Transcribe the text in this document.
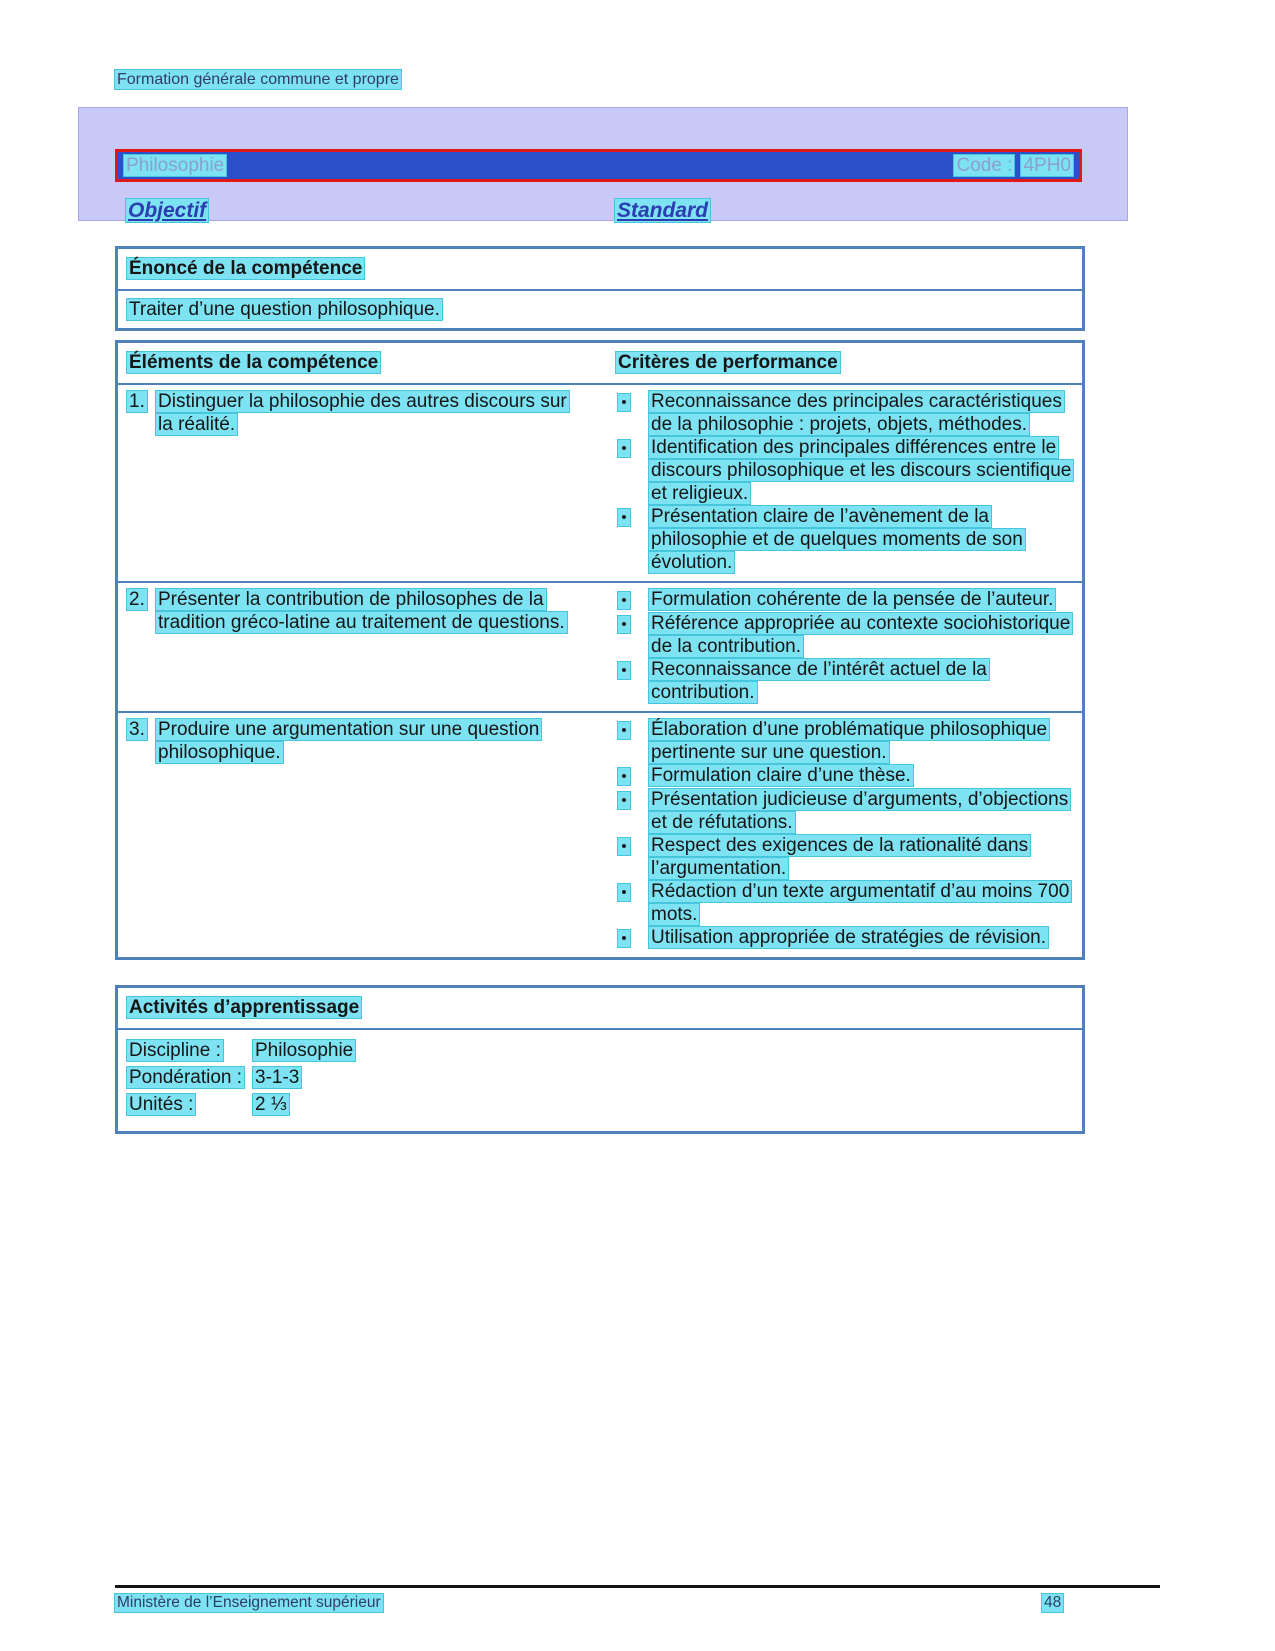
Formation générale commune et propre
Philosophie	Code : 4PH0
Objectif	Standard
Énoncé de la compétence
Traiter d’une question philosophique.
Éléments de la compétence	Critères de performance
1. Distinguer la philosophie des autres discours sur la réalité.
• Reconnaissance des principales caractéristiques de la philosophie : projets, objets, méthodes.
• Identification des principales différences entre le discours philosophique et les discours scientifique et religieux.
• Présentation claire de l’avènement de la philosophie et de quelques moments de son évolution.
2. Présenter la contribution de philosophes de la tradition gréco-latine au traitement de questions.
• Formulation cohérente de la pensée de l’auteur.
• Référence appropriée au contexte sociohistorique de la contribution.
• Reconnaissance de l’intérêt actuel de la contribution.
3. Produire une argumentation sur une question philosophique.
• Élaboration d’une problématique philosophique pertinente sur une question.
• Formulation claire d’une thèse.
• Présentation judicieuse d’arguments, d’objections et de réfutations.
• Respect des exigences de la rationalité dans l’argumentation.
• Rédaction d’un texte argumentatif d’au moins 700 mots.
• Utilisation appropriée de stratégies de révision.
Activités d’apprentissage
Discipline : Philosophie
Pondération : 3-1-3
Unités :	2 ⅓
Ministère de l’Enseignement supérieur	48
